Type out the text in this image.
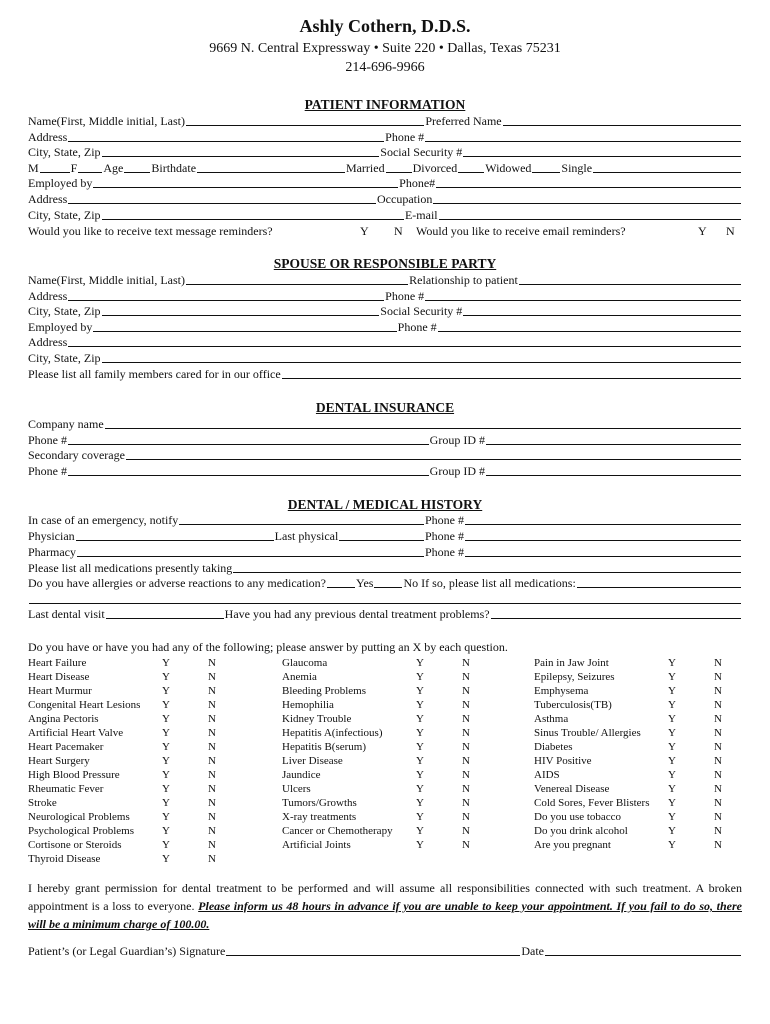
Ashly Cothern, D.D.S.
9669 N. Central Expressway • Suite 220 • Dallas, Texas 75231
214-696-9966
PATIENT INFORMATION
Name(First, Middle initial, Last)	Preferred Name
Address	Phone #
City, State, Zip	Social Security #
M	F Age Birthdate	Married Divorced Widowed	Single
Employed by	Phone#
Address	Occupation
City, State, Zip	E-mail
Would you like to receive text message reminders?	Y	N	Would you like to receive email reminders?	Y	N
SPOUSE OR RESPONSIBLE PARTY
Name(First, Middle initial, Last)	Relationship to patient
Address	Phone #
City, State, Zip	Social Security #
Employed by	Phone #
Address
City, State, Zip
Please list all family members cared for in our office
DENTAL INSURANCE
Company name
Phone #	Group ID #
Secondary coverage
Phone #	Group ID #
DENTAL / MEDICAL HISTORY
In case of an emergency, notify	Phone #
Physician	Last physical	Phone #
Pharmacy	Phone #
Please list all medications presently taking
Do you have allergies or adverse reactions to any medication?	Yes	No If so, please list all medications:
Last dental visit	Have you had any previous dental treatment problems?
Do you have or have you had any of the following; please answer by putting an X by each question.
Heart Failure	Y	N
Heart Disease	Y	N
Heart Murmur	Y	N
Congenital Heart Lesions	Y	N
Angina Pectoris	Y	N
Artificial Heart Valve	Y	N
Heart Pacemaker	Y	N
Heart Surgery	Y	N
High Blood Pressure	Y	N
Rheumatic Fever	Y	N
Stroke	Y	N
Neurological Problems	Y	N
Psychological Problems	Y	N
Cortisone or Steroids	Y	N
Thyroid Disease	Y	N
Glaucoma	Y	N
Anemia	Y	N
Bleeding Problems	Y	N
Hemophilia	Y	N
Kidney Trouble	Y	N
Hepatitis A(infectious)	Y	N
Hepatitis B(serum)	Y	N
Liver Disease	Y	N
Jaundice	Y	N
Ulcers	Y	N
Tumors/Growths	Y	N
X-ray treatments	Y	N
Cancer or Chemotherapy	Y	N
Artificial Joints	Y	N
Pain in Jaw Joint	Y	N
Epilepsy, Seizures	Y	N
Emphysema	Y	N
Tuberculosis(TB)	Y	N
Asthma	Y	N
Sinus Trouble/ Allergies	Y	N
Diabetes	Y	N
HIV Positive	Y	N
AIDS	Y	N
Venereal Disease	Y	N
Cold Sores, Fever Blisters	Y	N
Do you use tobacco	Y	N
Do you drink alcohol	Y	N
Are you pregnant	Y	N
I hereby grant permission for dental treatment to be performed and will assume all responsibilities connected with such treatment. A broken appointment is a loss to everyone. Please inform us 48 hours in advance if you are unable to keep your appointment. If you fail to do so, there will be a minimum charge of 100.00.
Patient’s (or Legal Guardian’s) Signature	Date
